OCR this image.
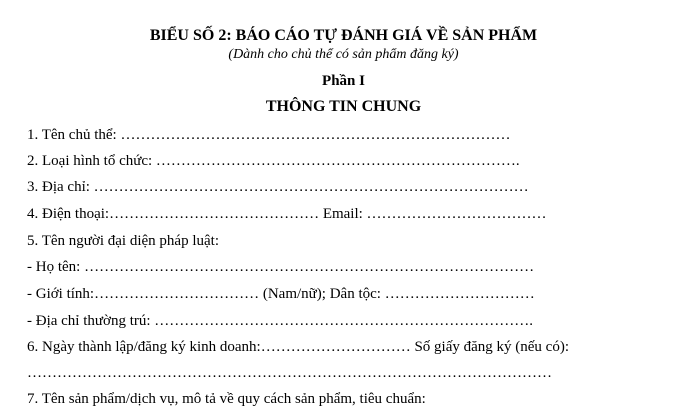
BIỂU SỐ 2: BÁO CÁO TỰ ĐÁNH GIÁ VỀ SẢN PHẨM
(Dành cho chủ thể có sản phẩm đăng ký)
Phần I
THÔNG TIN CHUNG
1. Tên chủ thể: ……………………………………………………………………
2. Loại hình tổ chức: ……………………………………………………………….
3. Địa chỉ: ……………………………………………………………………………
4. Điện thoại:…………………………………… Email: ………………………………
5. Tên người đại diện pháp luật:
- Họ tên: ………………………………………………………………………………
- Giới tính:…………………………… (Nam/nữ); Dân tộc: …………………………
- Địa chỉ thường trú: ………………………………………………………………….
6. Ngày thành lập/đăng ký kinh doanh:………………………… Số giấy đăng ký (nếu có):
……………………………………………………………………………………………
7. Tên sản phẩm/dịch vụ, mô tả về quy cách sản phẩm, tiêu chuẩn:
